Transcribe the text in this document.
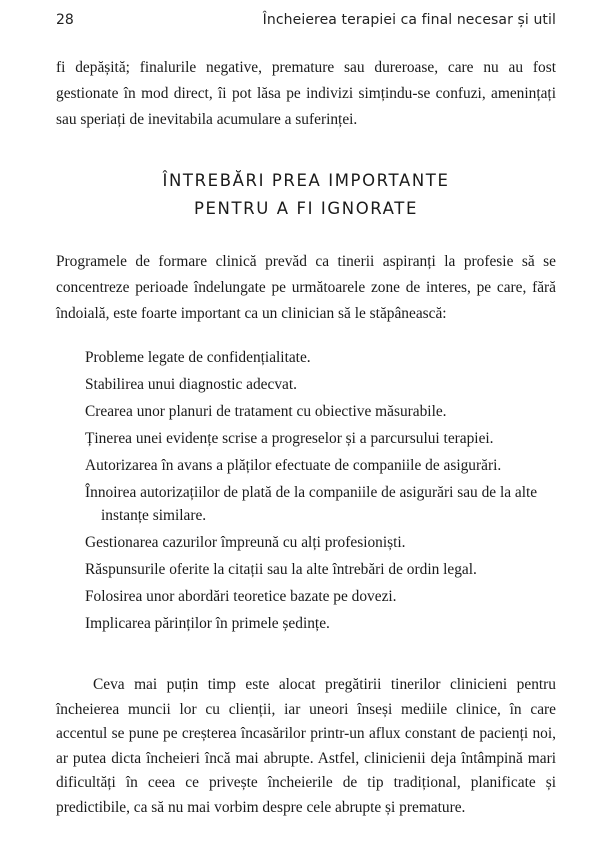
28	Încheierea terapiei ca final necesar și util

fi depășită; finalurile negative, premature sau dureroase, care nu au fost gestionate în mod direct, îi pot lăsa pe indivizi simțindu-se confuzi, amenințați sau speriați de inevitabila acumulare a suferinței.

ÎNTREBĂRI PREA IMPORTANTE
PENTRU A FI IGNORATE

Programele de formare clinică prevăd ca tinerii aspiranți la profesie să se concentreze perioade îndelungate pe următoarele zone de interes, pe care, fără îndoială, este foarte important ca un clinician să le stăpânească:

Probleme legate de confidențialitate.
Stabilirea unui diagnostic adecvat.
Crearea unor planuri de tratament cu obiective măsurabile.
Ținerea unei evidențe scrise a progreselor și a parcursului terapiei.
Autorizarea în avans a plăților efectuate de companiile de asigurări.
Înnoirea autorizațiilor de plată de la companiile de asigurări sau de la alte instanțe similare.
Gestionarea cazurilor împreună cu alți profesioniști.
Răspunsurile oferite la citații sau la alte întrebări de ordin legal.
Folosirea unor abordări teoretice bazate pe dovezi.
Implicarea părinților în primele ședințe.

Ceva mai puțin timp este alocat pregătirii tinerilor clinicieni pentru încheierea muncii lor cu clienții, iar uneori înseși mediile clinice, în care accentul se pune pe creșterea încasărilor printr-un aflux constant de pacienți noi, ar putea dicta încheieri încă mai abrupte. Astfel, clinicienii deja întâmpină mari dificultăți în ceea ce privește încheierile de tip tradițional, planificate și predictibile, ca să nu mai vorbim despre cele abrupte și premature.
